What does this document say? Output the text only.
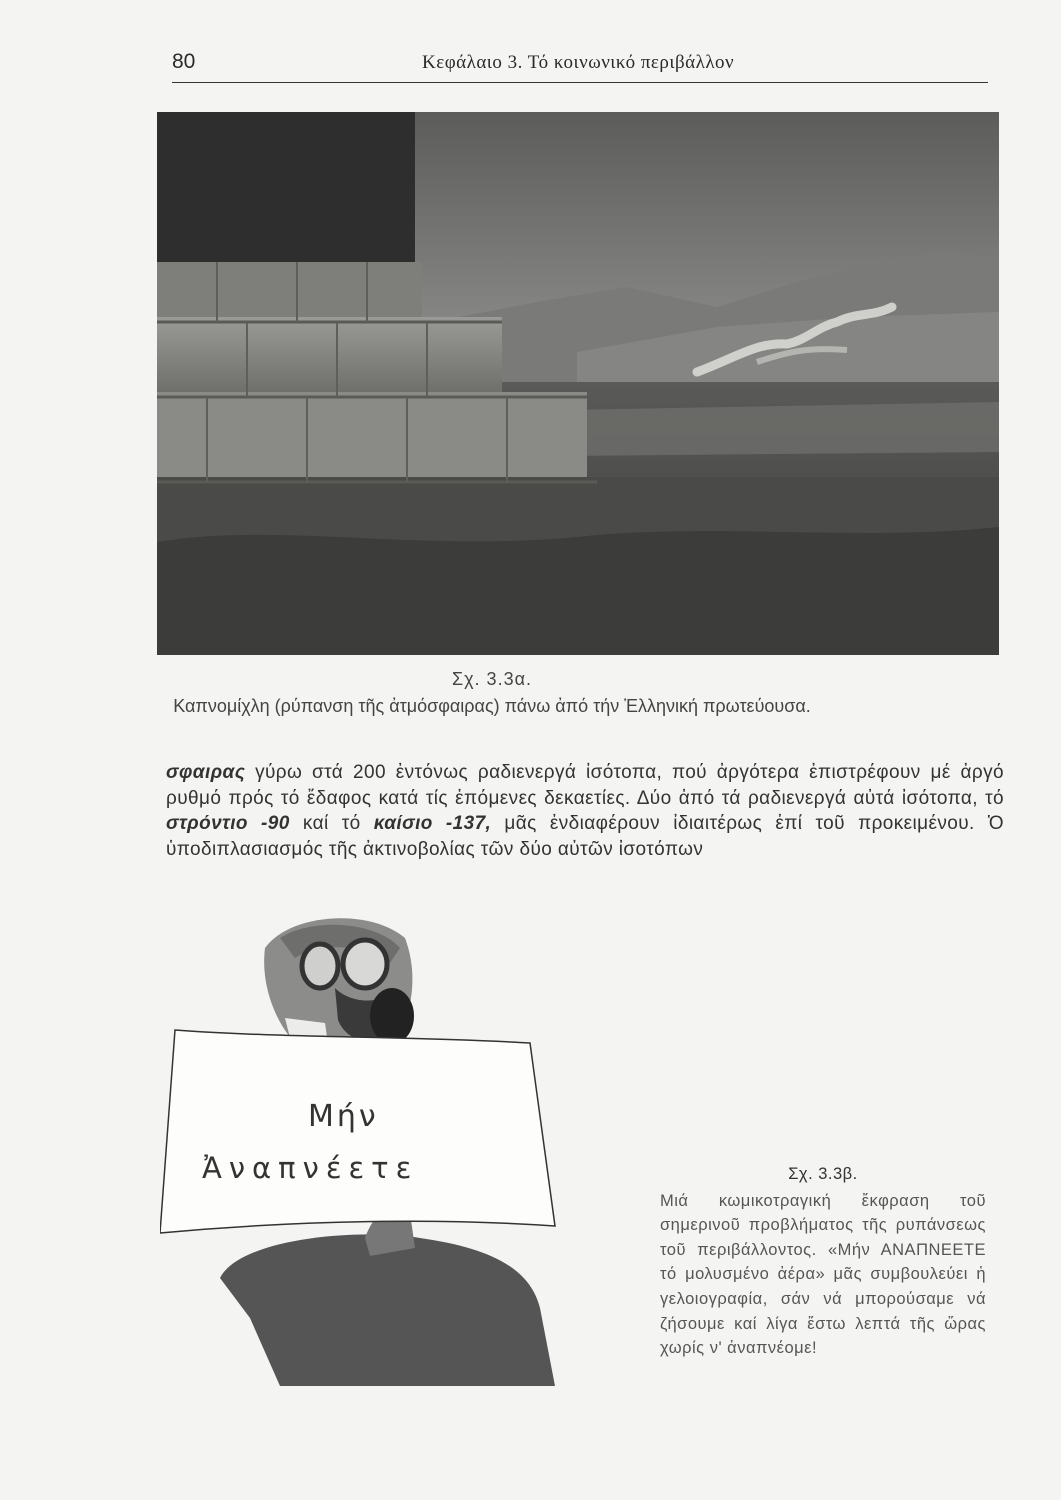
80	Κεφάλαιο 3. Τό κοινωνικό περιβάλλον
Σχ. 3.3α.
Καπνομίχλη (ρύπανση τῆς ἀτμόσφαιρας) πάνω ἀπό τήν Ἑλληνική πρωτεύουσα.
σφαιρας γύρω στά 200 ἐντόνως ραδιενεργά ἰσότοπα, πού ἀργότερα ἐπιστρέφουν μέ ἀργό ρυθμό πρός τό ἔδαφος κατά τίς ἑπόμενες δεκαετίες. Δύο ἀπό τά ραδιενεργά αὐτά ἰσότοπα, τό στρόντιο -90 καί τό καίσιο -137, μᾶς ἐνδιαφέρουν ἰδιαιτέρως ἐπί τοῦ προκειμένου. Ὁ ὑποδιπλασιασμός τῆς ἀκτινοβολίας τῶν δύο αὐτῶν ἰσοτόπων
Μήν
Ἀναπνέετε	Σχ. 3.3β.
Μιά κωμικοτραγική ἔκφραση τοῦ σημερινοῦ προβλήματος τῆς ρυπάνσεως τοῦ περιβάλλοντος. «Μήν ΑΝΑΠΝΕΕΤΕ τό μολυσμένο ἀέρα» μᾶς συμβουλεύει ἡ γελοιογραφία, σάν νά μπορούσαμε νά ζήσουμε καί λίγα ἔστω λεπτά τῆς ὥρας χωρίς ν' ἀναπνέομε!
